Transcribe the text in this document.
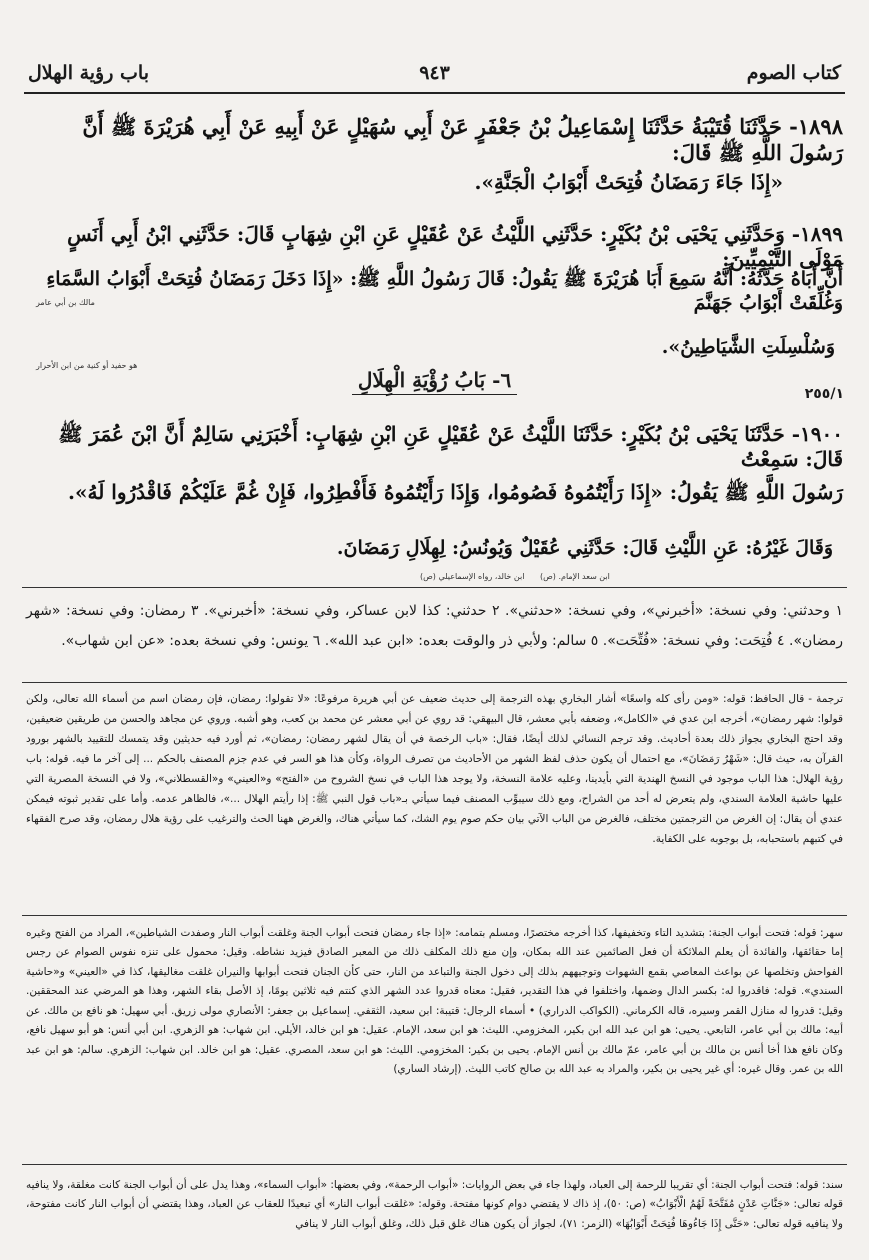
كتاب الصوم
٩٤٣
باب رؤية الهلال
١٨٩٨- حَدَّثَنَا قُتَيْبَةُ حَدَّثَنَا إِسْمَاعِيلُ بْنُ جَعْفَرٍ عَنْ أَبِي سُهَيْلٍ عَنْ أَبِيهِ عَنْ أَبِي هُرَيْرَةَ ﷺ أَنَّ رَسُولَ اللَّهِ ﷺ قَالَ:
«إِذَا جَاءَ رَمَضَانُ فُتِحَتْ أَبْوَابُ الْجَنَّةِ».
١٨٩٩- وَحَدَّثَنِي يَحْيَى بْنُ بُكَيْرٍ: حَدَّثَنِي اللَّيْثُ عَنْ عُقَيْلٍ عَنِ ابْنِ شِهَابٍ قَالَ: حَدَّثَنِي ابْنُ أَبِي أَنَسٍ مَوْلَى التَّيْمِيِّينَ:
أَنَّ أَبَاهُ حَدَّثَهُ: أَنَّهُ سَمِعَ أَبَا هُرَيْرَةَ ﷺ يَقُولُ: قَالَ رَسُولُ اللَّهِ ﷺ: «إِذَا دَخَلَ رَمَضَانُ فُتِحَتْ أَبْوَابُ السَّمَاءِ وَغُلِّقَتْ أَبْوَابُ جَهَنَّمَ
مالك بن أبي عامر
وَسُلْسِلَتِ الشَّيَاطِينُ».
هو حفيد أو كنية من ابن الأحرار
٦- بَابُ رُؤْيَةِ الْهِلَالِ
٢٥٥/١
١٩٠٠- حَدَّثَنَا يَحْيَى بْنُ بُكَيْرٍ: حَدَّثَنَا اللَّيْثُ عَنْ عُقَيْلٍ عَنِ ابْنِ شِهَابٍ: أَخْبَرَنِي سَالِمٌ أَنَّ ابْنَ عُمَرَ ﷺ قَالَ: سَمِعْتُ
رَسُولَ اللَّهِ ﷺ يَقُولُ: «إِذَا رَأَيْتُمُوهُ فَصُومُوا، وَإِذَا رَأَيْتُمُوهُ فَأَفْطِرُوا، فَإِنْ غُمَّ عَلَيْكُمْ فَاقْدُرُوا لَهُ».
وَقَالَ غَيْرُهُ: عَنِ اللَّيْثِ قَالَ: حَدَّثَنِي عُقَيْلٌ وَيُونُسُ: لِهِلَالِ رَمَضَانَ.
ابن خالد، رواه الإسماعيلي (ص) ابن سعد الإمام. (ص)
١ وحدثني: وفي نسخة: «أخبرني»، وفي نسخة: «حدثني». ٢ حدثني: كذا لابن عساكر، وفي نسخة: «أخبرني». ٣ رمضان: وفي نسخة: «شهر رمضان». ٤ فُتِحَت: وفي نسخة: «فُتِّحَت». ٥ سالم: ولأبي ذر والوقت بعده: «ابن عبد الله». ٦ يونس: وفي نسخة بعده: «عن ابن شهاب».
ترجمة - قال الحافظ: قوله: «ومن رأى كله واسعًا» أشار البخاري بهذه الترجمة إلى حديث ضعيف عن أبي هريرة مرفوعًا: «لا تقولوا: رمضان، فإن رمضان اسم من أسماء الله تعالى، ولكن قولوا: شهر رمضان»، أخرجه ابن عدي في «الكامل»، وضعفه بأبي معشر، قال البيهقي: قد روي عن أبي معشر عن محمد بن كعب، وهو أشبه. وروي عن مجاهد والحسن من طريقين ضعيفين، وقد احتج البخاري بجواز ذلك بعدة أحاديث. وقد ترجم النسائي لذلك أيضًا، فقال: «باب الرخصة في أن يقال لشهر رمضان: رمضان»، ثم أورد فيه حديثين وقد يتمسك للتقييد بالشهر بورود القرآن به، حيث قال: «شَهْرُ رَمَضَانَ»، مع احتمال أن يكون حذف لفظ الشهر من الأحاديث من تصرف الرواة، وكأن هذا هو السر في عدم جزم المصنف بالحكم ... إلى آخر ما فيه. قوله: باب رؤية الهلال: هذا الباب موجود في النسخ الهندية التي بأيدينا، وعليه علامة النسخة، ولا يوجد هذا الباب في نسخ الشروح من «الفتح» و«العيني» و«القسطلاني»، ولا في النسخة المصرية التي عليها حاشية العلامة السندي، ولم يتعرض له أحد من الشراح، ومع ذلك سيبوِّب المصنف فيما سيأتي بـ«باب قول النبي ﷺ: إذا رأيتم الهلال ...»، فالظاهر عدمه. وأما على تقدير ثبوته فيمكن عندي أن يقال: إن الغرض من الترجمتين مختلف، فالغرض من الباب الآتي بيان حكم صوم يوم الشك، كما سيأتي هناك، والغرض ههنا الحث والترغيب على رؤية هلال رمضان، وقد صرح الفقهاء في كتبهم باستحبابه، بل بوجوبه على الكفاية.
سهر: قوله: فتحت أبواب الجنة: بتشديد التاء وتخفيفها، كذا أخرجه مختصرًا، ومسلم بتمامه: «إذا جاء رمضان فتحت أبواب الجنة وغلقت أبواب النار وصفدت الشياطين»، المراد من الفتح وغيره إما حقائقها، والفائدة أن يعلم الملائكة أن فعل الصائمين عند الله بمكان، وإن منع ذلك المكلف ذلك من المعبر الصادق فيزيد نشاطه. وقيل: محمول على تنزه نفوس الصوام عن رجس الفواحش وتخلصها عن بواعث المعاصي بقمع الشهوات وتوجيههم بذلك إلى دخول الجنة والتباعد من النار، حتى كأن الجنان فتحت أبوابها والنيران غلقت مغاليقها، كذا في «العيني» و«حاشية السندي». قوله: فاقدروا له: بكسر الدال وضمها، واختلفوا في هذا التقدير، فقيل: معناه قدروا عدد الشهر الذي كنتم فيه ثلاثين يومًا، إذ الأصل بقاء الشهر، وهذا هو المرضي عند المحققين. وقيل: قدروا له منازل القمر وسيره، قاله الكرماني. (الكواكب الدراري) • أسماء الرجال: قتيبة: ابن سعيد، الثقفي. إسماعيل بن جعفر: الأنصاري مولى زريق. أبي سهيل: هو نافع بن مالك. عن أبيه: مالك بن أبي عامر، التابعي. يحيى: هو ابن عبد الله ابن بكير، المخزومي. الليث: هو ابن سعد، الإمام. عقيل: هو ابن خالد، الأيلي. ابن شهاب: هو الزهري. ابن أبي أنس: هو أبو سهيل نافع، وكان نافع هذا أخا أنس بن مالك بن أبي عامر، عمّ مالك بن أنس الإمام. يحيى بن بكير: المخزومي. الليث: هو ابن سعد، المصري. عقيل: هو ابن خالد. ابن شهاب: الزهري. سالم: هو ابن عبد الله بن عمر. وقال غيره: أي غير يحيى بن بكير، والمراد به عبد الله بن صالح كاتب الليث. (إرشاد الساري)
سند: قوله: فتحت أبواب الجنة: أي تقريبا للرحمة إلى العباد، ولهذا جاء في بعض الروايات: «أبواب الرحمة»، وفي بعضها: «أبواب السماء»، وهذا يدل على أن أبواب الجنة كانت مغلقة، ولا ينافيه قوله تعالى: «جَنَّاتِ عَدْنٍ مُفَتَّحَةً لَهُمُ الْأَبْوَابُ» (ص: ٥٠)، إذ ذاك لا يقتضي دوام كونها مفتحة. وقوله: «غلقت أبواب النار» أي تبعيدًا للعقاب عن العباد، وهذا يقتضي أن أبواب النار كانت مفتوحة، ولا ينافيه قوله تعالى: «حَتَّى إِذَا جَاءُوهَا فُتِحَتْ أَبْوَابُهَا» (الزمر: ٧١)، لجواز أن يكون هناك غلق قبل ذلك، وغلق أبواب النار لا ينافي
